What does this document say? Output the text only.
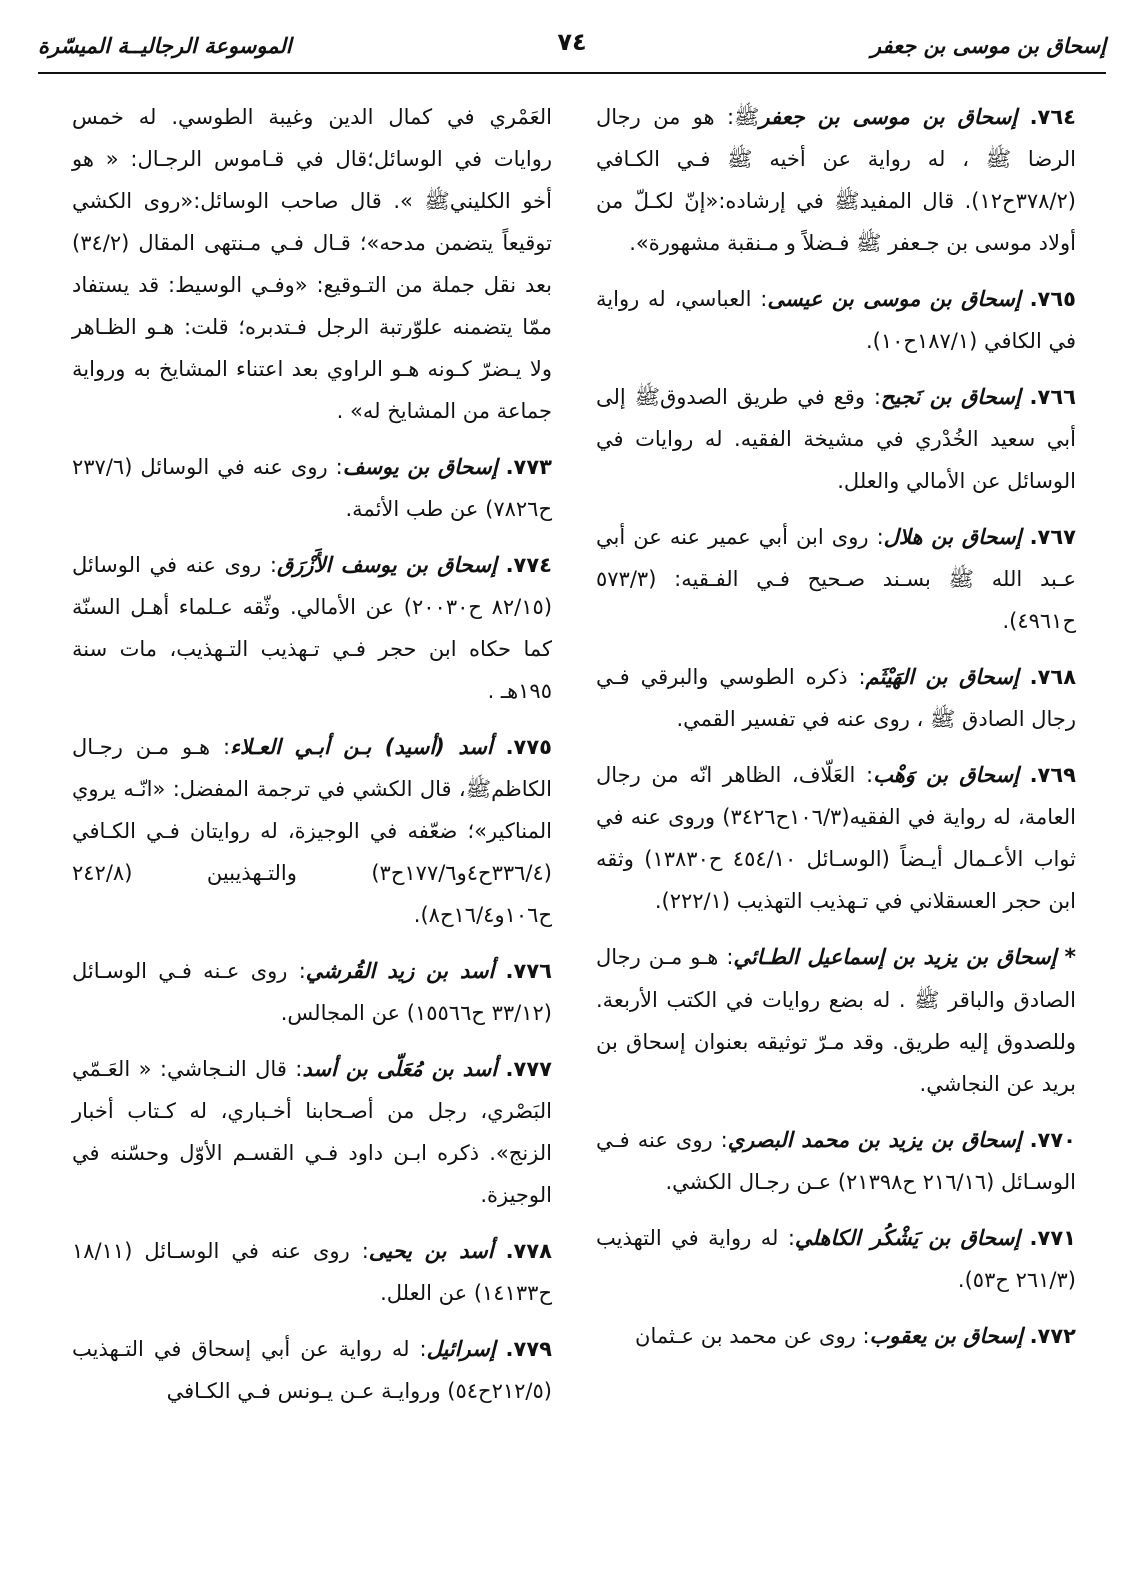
إسحاق بن موسى بن جعفر
٧٤
الموسوعة الرجاليــة الميسّرة

٧٦٤. إسحاق بن موسى بن جعفرﷺ: هو من رجال الرضا ﷺ ، له رواية عن أخيه ﷺ فـي الكـافي (٣٧٨/٢ح١٢). قال المفيدﷺ في إرشاده:«إنّ لكـلّ من أولاد موسى بن جـعفر ﷺ فـضلاً و مـنقبة مشهورة».

٧٦٥. إسحاق بن موسى بن عيسى: العباسي، له رواية في الكافي (١٨٧/١ح١٠).

٧٦٦. إسحاق بن نَجيح: وقع في طريق الصدوقﷺ إلى أبي سعيد الخُدْري في مشيخة الفقيه. له روايات في الوسائل عن الأمالي والعلل.

٧٦٧. إسحاق بن هلال: روى ابن أبي عمير عنه عن أبي عـبد الله ﷺ بسـند صـحيح فـي الفـقيه: (٥٧٣/٣ ح٤٩٦١).

٧٦٨. إسحاق بن الهَيْثَم: ذكره الطوسي والبرقي فـي رجال الصادق ﷺ ، روى عنه في تفسير القمي.

٧٦٩. إسحاق بن وَهْب: العَلّاف، الظاهر انّه من رجال العامة، له رواية في الفقيه(١٠٦/٣ح٣٤٢٦) وروى عنه في ثواب الأعـمال أيـضاً (الوسـائل ٤٥٤/١٠ ح١٣٨٣٠) وثقه ابن حجر العسقلاني في تـهذيب التهذيب (٢٢٢/١).

* إسحاق بن يزيد بن إسماعيل الطـائي: هـو مـن رجال الصادق والباقر ﷺ . له بضع روايات في الكتب الأربعة. وللصدوق إليه طريق. وقد مـرّ توثيقه بعنوان إسحاق بن بريد عن النجاشي.

٧٧٠. إسحاق بن يزيد بن محمد البصري: روى عنه فـي الوسـائل (٢١٦/١٦ ح٢١٣٩٨) عـن رجـال الكشي.

٧٧١. إسحاق بن يَشْكُر الكاهلي: له رواية في التهذيب (٢٦١/٣ ح٥٣).

٧٧٢. إسحاق بن يعقوب: روى عن محمد بن عـثمان

العَمْري في كمال الدين وغيبة الطوسي. له خمس روايات في الوسائل؛قال في قـاموس الرجـال: « هو أخو الكلينيﷺ ». قال صاحب الوسائل:«روى الكشي توقيعاً يتضمن مدحه»؛ قـال فـي مـنتهى المقال (٣٤/٢) بعد نقل جملة من التـوقيع: «وفـي الوسيط: قد يستفاد ممّا يتضمنه علوّرتبة الرجل فـتدبره؛ قلت: هـو الظـاهر ولا يـضرّ كـونه هـو الراوي بعد اعتناء المشايخ به ورواية جماعة من المشايخ له» .

٧٧٣. إسحاق بن يوسف: روى عنه في الوسائل (٢٣٧/٦ ح٧٨٢٦) عن طب الأئمة.

٧٧٤. إسحاق بن يوسف الأَزْرَق: روى عنه في الوسائل (٨٢/١٥ ح٢٠٠٣٠) عن الأمالي. وثّقه عـلماء أهـل السنّة كما حكاه ابن حجر فـي تـهذيب التـهذيب، مات سنة ١٩٥هـ .

٧٧٥. أسد (أسيد) بـن أبـي العـلاء: هـو مـن رجـال الكاظمﷺ، قال الكشي في ترجمة المفضل: «انّـه يروي المناكير»؛ ضعّفه في الوجيزة، له روايتان فـي الكـافي (٣٣٦/٤ح٤و١٧٧/٦ح٣) والتـهذيبين (٢٤٢/٨ ح١٠٦و١٦/٤ح٨).

٧٧٦. أسد بن زيد القُرشي: روى عـنه فـي الوسـائل (٣٣/١٢ ح١٥٥٦٦) عن المجالس.

٧٧٧. أسد بن مُعَلّى بن أسد: قال النـجاشي: « العَـمّي البَصْري، رجل من أصـحابنا أخـباري، له كـتاب أخبار الزنج». ذكره ابـن داود فـي القسـم الأوّل وحسّنه في الوجيزة.

٧٧٨. أسد بن يحيى: روى عنه في الوسـائل (١٨/١١ ح١٤١٣٣) عن العلل.

٧٧٩. إسرائيل: له رواية عن أبي إسحاق في التـهذيب (٢١٢/٥ح٥٤) وروايـة عـن يـونس فـي الكـافي
